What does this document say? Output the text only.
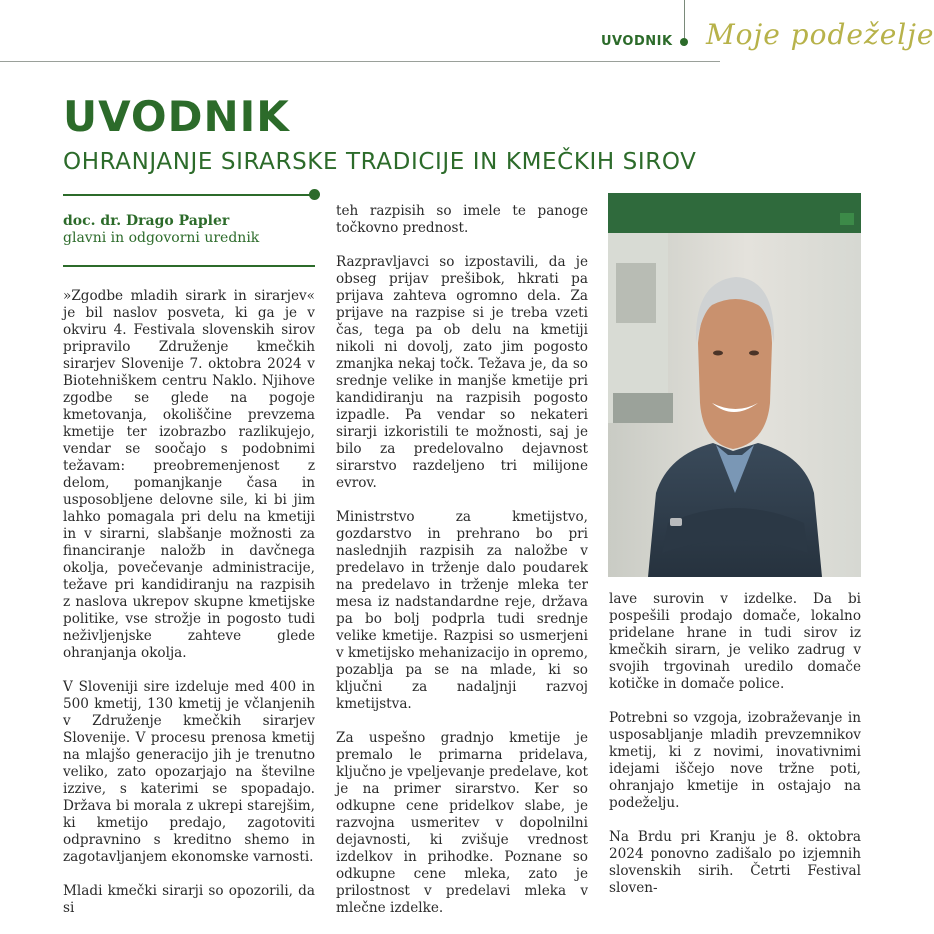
UVODNIK Moje podeželje
UVODNIK
OHRANJANJE SIRARSKE TRADICIJE IN KMEČKIH SIROV
doc. dr. Drago Papler
glavni in odgovorni urednik

»Zgodbe mladih sirark in sirarjev« je bil naslov posveta, ki ga je v okviru 4. Festivala slovenskih sirov pripravilo Združenje kmečkih sirarjev Slovenije 7. oktobra 2024 v Biotehniškem centru Naklo. Njihove zgodbe se glede na pogoje kmetovanja, okoliščine prevzema kmetije ter izobrazbo razlikujejo, vendar se soočajo s podobnimi težavam: preobremenjenost z delom, pomanjkanje časa in usposobljene delovne sile, ki bi jim lahko pomagala pri delu na kmetiji in v sirarni, slabšanje možnosti za financiranje naložb in davčnega okolja, povečevanje administracije, težave pri kandidiranju na razpisih z naslova ukrepov skupne kmetijske politike, vse strožje in pogosto tudi neživljenjske zahteve glede ohranjanja okolja.

V Sloveniji sire izdeluje med 400 in 500 kmetij, 130 kmetij je včlanjenih v Združenje kmečkih sirarjev Slovenije. V procesu prenosa kmetij na mlajšo generacijo jih je trenutno veliko, zato opozarjajo na številne izzive, s katerimi se spopadajo. Država bi morala z ukrepi starejšim, ki kmetijo predajo, zagotoviti odpravnino s kreditno shemo in zagotavljanjem ekonomske varnosti.

Mladi kmečki sirarji so opozorili, da si

teh razpisih so imele te panoge točkovno prednost.

Razpravljavci so izpostavili, da je obseg prijav prešibok, hkrati pa prijava zahteva ogromno dela. Za prijave na razpise si je treba vzeti čas, tega pa ob delu na kmetiji nikoli ni dovolj, zato jim pogosto zmanjka nekaj točk. Težava je, da so srednje velike in manjše kmetije pri kandidiranju na razpisih pogosto izpadle. Pa vendar so nekateri sirarji izkoristili te možnosti, saj je bilo za predelovalno dejavnost sirarstvo razdeljeno tri milijone evrov.

Ministrstvo za kmetijstvo, gozdarstvo in prehrano bo pri naslednjih razpisih za naložbe v predelavo in trženje dalo poudarek na predelavo in trženje mleka ter mesa iz nadstandardne reje, država pa bo bolj podprla tudi srednje velike kmetije. Razpisi so usmerjeni v kmetijsko mehanizacijo in opremo, pozablja pa se na mlade, ki so ključni za nadaljnji razvoj kmetijstva.

Za uspešno gradnjo kmetije je premalo le primarna pridelava, ključno je vpeljevanje predelave, kot je na primer sirarstvo. Ker so odkupne cene pridelkov slabe, je razvojna usmeritev v dopolnilni dejavnosti, ki zvišuje vrednost izdelkov in prihodke. Poznane so odkupne cene mleka, zato je prilostnost v predelavi mleka v mlečne izdelke.

lave surovin v izdelke. Da bi pospešili prodajo domače, lokalno pridelane hrane in tudi sirov iz kmečkih sirarn, je veliko zadrug v svojih trgovinah uredilo domače kotičke in domače police.

Potrebni so vzgoja, izobraževanje in usposabljanje mladih prevzemnikov kmetij, ki z novimi, inovativnimi idejami iščejo nove tržne poti, ohranjajo kmetije in ostajajo na podeželju.

Na Brdu pri Kranju je 8. oktobra 2024 ponovno zadišalo po izjemnih slovenskih sirih. Četrti Festival sloven-
